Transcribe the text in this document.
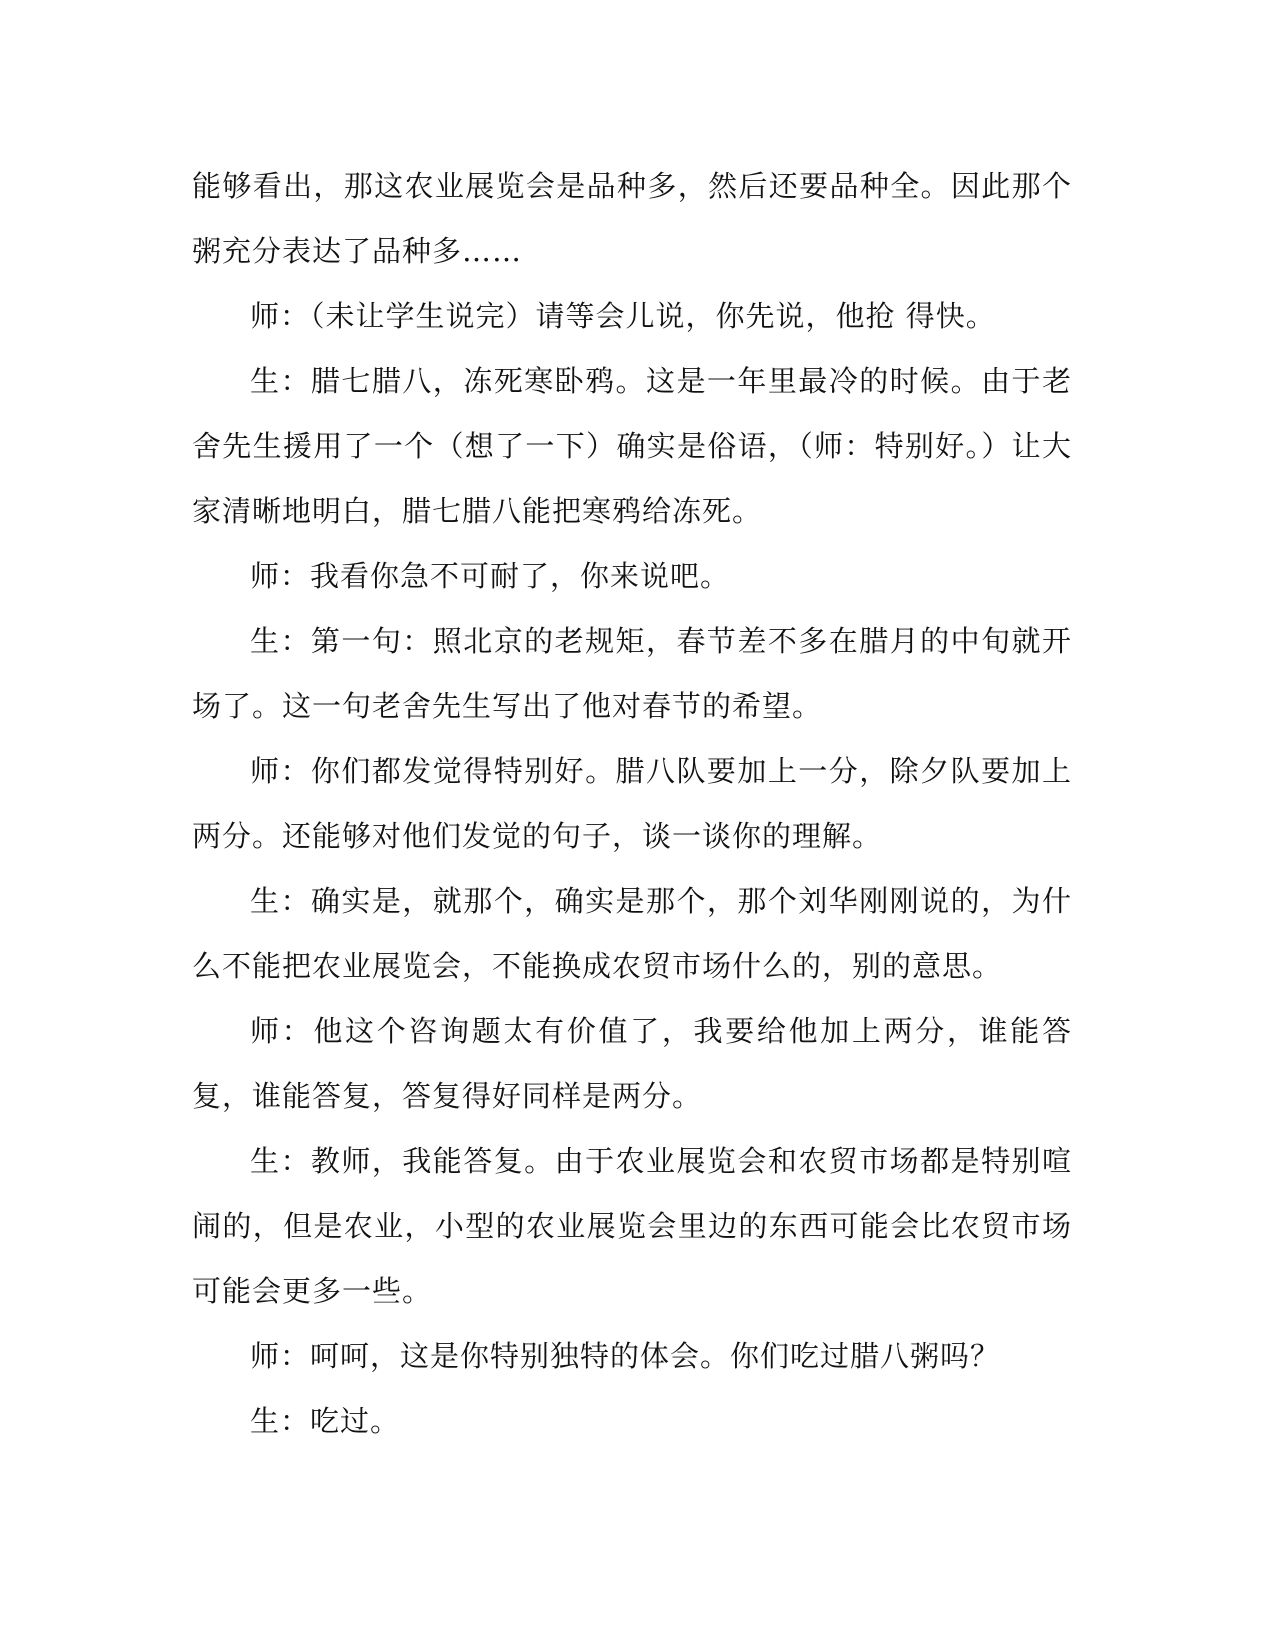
能够看出，那这农业展览会是品种多，然后还要品种全。因此那个粥充分表达了品种多……

师：（未让学生说完）请等会儿说，你先说，他抢 得快。

生：腊七腊八，冻死寒卧鸦。这是一年里最冷的时候。由于老舍先生援用了一个（想了一下）确实是俗语，（师：特别好。）让大家清晰地明白，腊七腊八能把寒鸦给冻死。

师：我看你急不可耐了，你来说吧。

生：第一句：照北京的老规矩，春节差不多在腊月的中旬就开场了。这一句老舍先生写出了他对春节的希望。

师：你们都发觉得特别好。腊八队要加上一分，除夕队要加上两分。还能够对他们发觉的句子，谈一谈你的理解。

生：确实是，就那个，确实是那个，那个刘华刚刚说的，为什么不能把农业展览会，不能换成农贸市场什么的，别的意思。

师：他这个咨询题太有价值了，我要给他加上两分，谁能答复，谁能答复，答复得好同样是两分。

生：教师，我能答复。由于农业展览会和农贸市场都是特别喧闹的，但是农业，小型的农业展览会里边的东西可能会比农贸市场可能会更多一些。

师：呵呵，这是你特别独特的体会。你们吃过腊八粥吗？

生：吃过。
